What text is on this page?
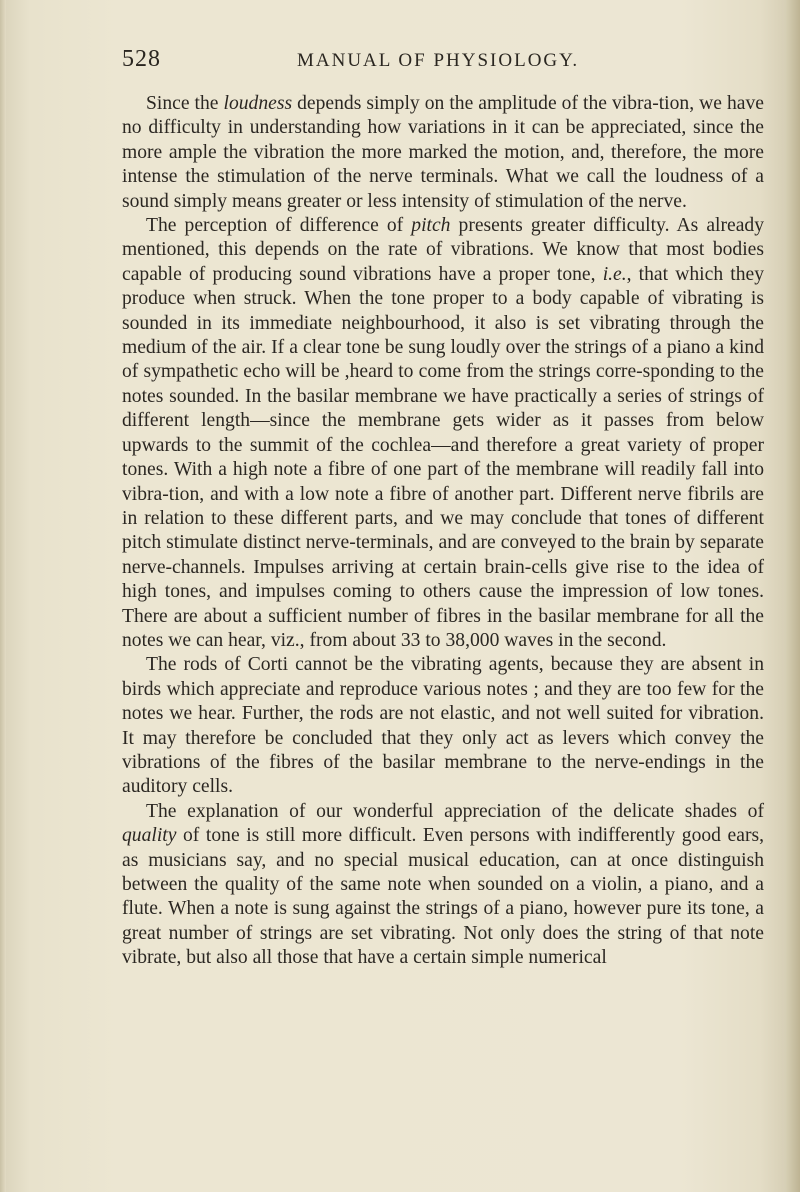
528	MANUAL OF PHYSIOLOGY.

Since the loudness depends simply on the amplitude of the vibra-tion, we have no difficulty in understanding how variations in it can be appreciated, since the more ample the vibration the more marked the motion, and, therefore, the more intense the stimulation of the nerve terminals. What we call the loudness of a sound simply means greater or less intensity of stimulation of the nerve.

The perception of difference of pitch presents greater difficulty. As already mentioned, this depends on the rate of vibrations. We know that most bodies capable of producing sound vibrations have a proper tone, i.e., that which they produce when struck. When the tone proper to a body capable of vibrating is sounded in its immediate neighbourhood, it also is set vibrating through the medium of the air. If a clear tone be sung loudly over the strings of a piano a kind of sympathetic echo will be ,heard to come from the strings corre-sponding to the notes sounded. In the basilar membrane we have practically a series of strings of different length—since the membrane gets wider as it passes from below upwards to the summit of the cochlea—and therefore a great variety of proper tones. With a high note a fibre of one part of the membrane will readily fall into vibra-tion, and with a low note a fibre of another part. Different nerve fibrils are in relation to these different parts, and we may conclude that tones of different pitch stimulate distinct nerve-terminals, and are conveyed to the brain by separate nerve-channels. Impulses arriving at certain brain-cells give rise to the idea of high tones, and impulses coming to others cause the impression of low tones. There are about a sufficient number of fibres in the basilar membrane for all the notes we can hear, viz., from about 33 to 38,000 waves in the second.

The rods of Corti cannot be the vibrating agents, because they are absent in birds which appreciate and reproduce various notes ; and they are too few for the notes we hear. Further, the rods are not elastic, and not well suited for vibration. It may therefore be concluded that they only act as levers which convey the vibrations of the fibres of the basilar membrane to the nerve-endings in the auditory cells.

The explanation of our wonderful appreciation of the delicate shades of quality of tone is still more difficult. Even persons with indifferently good ears, as musicians say, and no special musical education, can at once distinguish between the quality of the same note when sounded on a violin, a piano, and a flute. When a note is sung against the strings of a piano, however pure its tone, a great number of strings are set vibrating. Not only does the string of that note vibrate, but also all those that have a certain simple numerical
